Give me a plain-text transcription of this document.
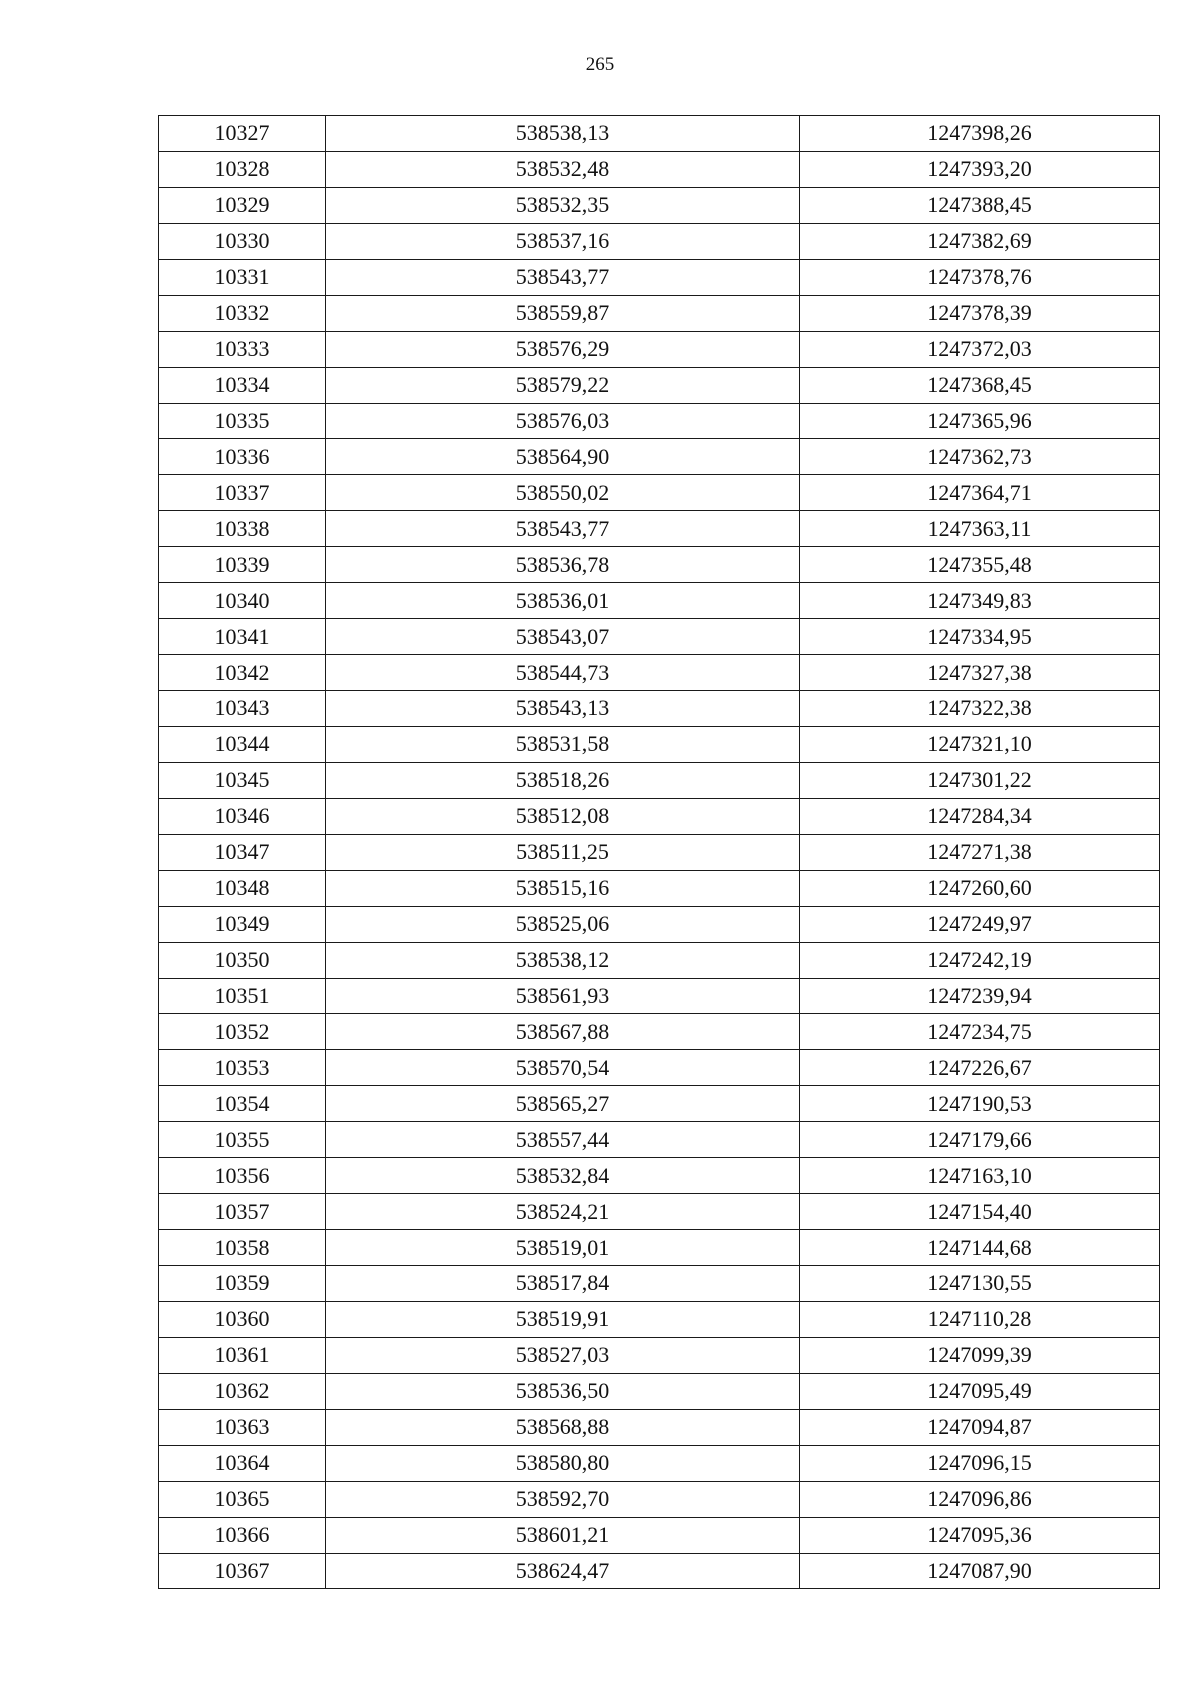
265
10327	538538,13	1247398,26
10328	538532,48	1247393,20
10329	538532,35	1247388,45
10330	538537,16	1247382,69
10331	538543,77	1247378,76
10332	538559,87	1247378,39
10333	538576,29	1247372,03
10334	538579,22	1247368,45
10335	538576,03	1247365,96
10336	538564,90	1247362,73
10337	538550,02	1247364,71
10338	538543,77	1247363,11
10339	538536,78	1247355,48
10340	538536,01	1247349,83
10341	538543,07	1247334,95
10342	538544,73	1247327,38
10343	538543,13	1247322,38
10344	538531,58	1247321,10
10345	538518,26	1247301,22
10346	538512,08	1247284,34
10347	538511,25	1247271,38
10348	538515,16	1247260,60
10349	538525,06	1247249,97
10350	538538,12	1247242,19
10351	538561,93	1247239,94
10352	538567,88	1247234,75
10353	538570,54	1247226,67
10354	538565,27	1247190,53
10355	538557,44	1247179,66
10356	538532,84	1247163,10
10357	538524,21	1247154,40
10358	538519,01	1247144,68
10359	538517,84	1247130,55
10360	538519,91	1247110,28
10361	538527,03	1247099,39
10362	538536,50	1247095,49
10363	538568,88	1247094,87
10364	538580,80	1247096,15
10365	538592,70	1247096,86
10366	538601,21	1247095,36
10367	538624,47	1247087,90
